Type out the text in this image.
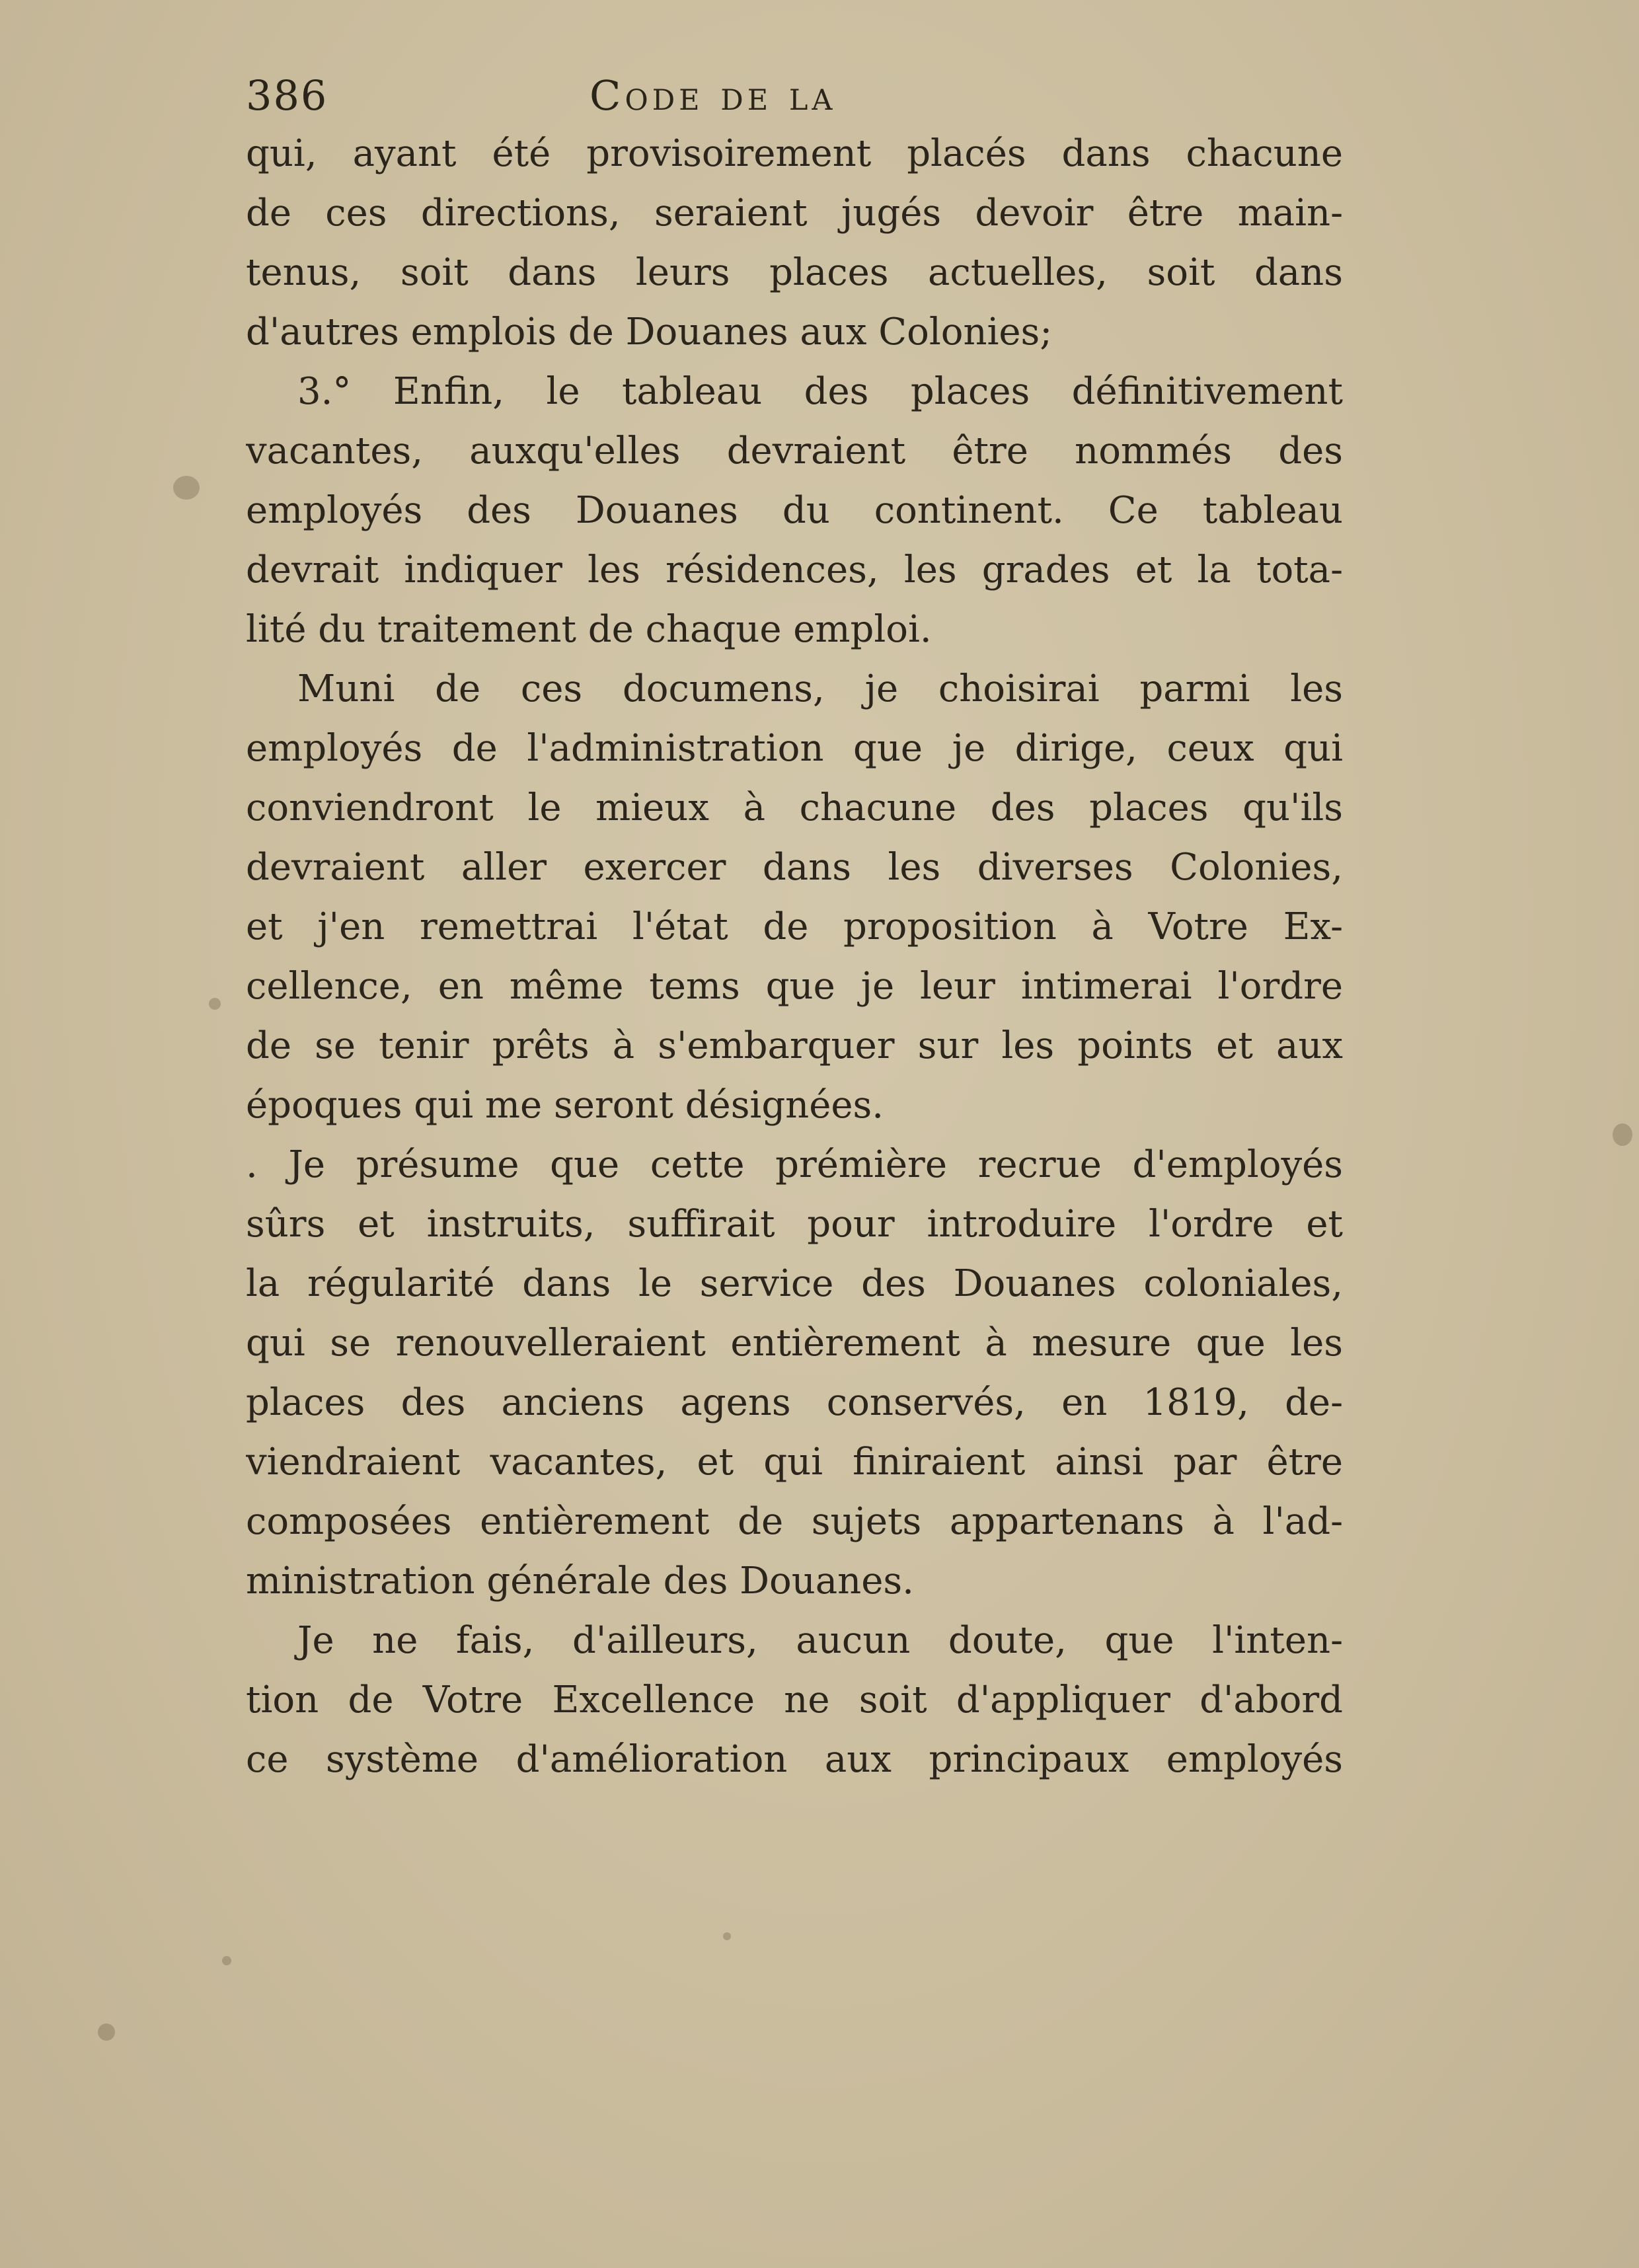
386	Code de la
qui, ayant été provisoirement placés dans chacune
de ces directions, seraient jugés devoir être main-
tenus, soit dans leurs places actuelles, soit dans
d'autres emplois de Douanes aux Colonies;
3.° Enfin, le tableau des places définitivement
vacantes, auxqu'elles devraient être nommés des
employés des Douanes du continent. Ce tableau
devrait indiquer les résidences, les grades et la tota-
lité du traitement de chaque emploi.
Muni de ces documens, je choisirai parmi les
employés de l'administration que je dirige, ceux qui
conviendront le mieux à chacune des places qu'ils
devraient aller exercer dans les diverses Colonies,
et j'en remettrai l'état de proposition à Votre Ex-
cellence, en même tems que je leur intimerai l'ordre
de se tenir prêts à s'embarquer sur les points et aux
époques qui me seront désignées.
. Je présume que cette prémière recrue d'employés
sûrs et instruits, suffirait pour introduire l'ordre et
la régularité dans le service des Douanes coloniales,
qui se renouvelleraient entièrement à mesure que les
places des anciens agens conservés, en 1819, de-
viendraient vacantes, et qui finiraient ainsi par être
composées entièrement de sujets appartenans à l'ad-
ministration générale des Douanes.
Je ne fais, d'ailleurs, aucun doute, que l'inten-
tion de Votre Excellence ne soit d'appliquer d'abord
ce système d'amélioration aux principaux employés
